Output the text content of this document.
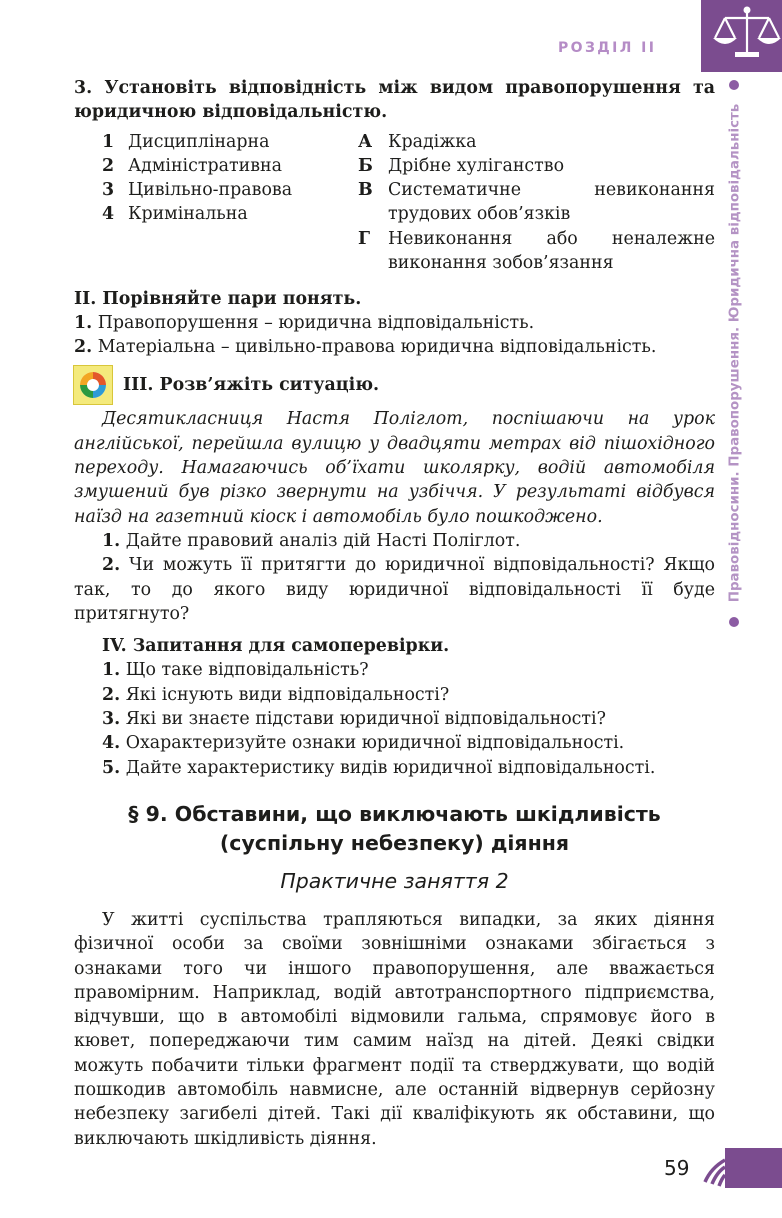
РОЗДІЛ II
Правовідносини. Правопорушення. Юридична відповідальність

3. Установіть відповідність між видом правопорушення та юридичною відповідальністю.

1 Дисциплінарна
2 Адміністративна
3 Цивільно-правова
4 Кримінальна
А Крадіжка
Б Дрібне хуліганство
В Систематичне невиконання трудових обов’язків
Г	Невиконання або неналежне виконання зобов’язання

II. Порівняйте пари понять.

1. Правопорушення – юридична відповідальність.

2. Матеріальна – цивільно-правова юридична відповідальність.

III. Розв’яжіть ситуацію.

Десятикласниця Настя Поліглот, поспішаючи на урок англійської, перейшла вулицю у двадцяти метрах від пішохідного переходу. Намагаючись об’їхати школярку, водій автомобіля змушений був різко звернути на узбіччя. У результаті відбувся наїзд на газетний кіоск і автомобіль було пошкоджено.

1. Дайте правовий аналіз дій Насті Поліглот.

2. Чи можуть її притягти до юридичної відповідальності? Якщо так, то до якого виду юридичної відповідальності її буде притягнуто?

IV. Запитання для самоперевірки.

1. Що таке відповідальність?

2. Які існують види відповідальності?

3. Які ви знаєте підстави юридичної відповідальності?

4. Охарактеризуйте ознаки юридичної відповідальності.

5. Дайте характеристику видів юридичної відповідальності.

§ 9. Обставини, що виключають шкідливість
(суспільну небезпеку) діяння
Практичне заняття 2

У житті суспільства трапляються випадки, за яких діяння фізичної особи за своїми зовнішніми ознаками збігається з ознаками того чи іншого правопорушення, але вважається правомірним. Наприклад, водій автотранспортного підприємства, відчувши, що в автомобілі відмовили гальма, спрямовує його в кювет, попереджаючи тим самим наїзд на дітей. Деякі свідки можуть побачити тільки фрагмент події та стверджувати, що водій пошкодив автомобіль навмисне, але останній відвернув серйозну небезпеку загибелі дітей. Такі дії кваліфікують як обставини, що виключають шкідливість діяння.

59
